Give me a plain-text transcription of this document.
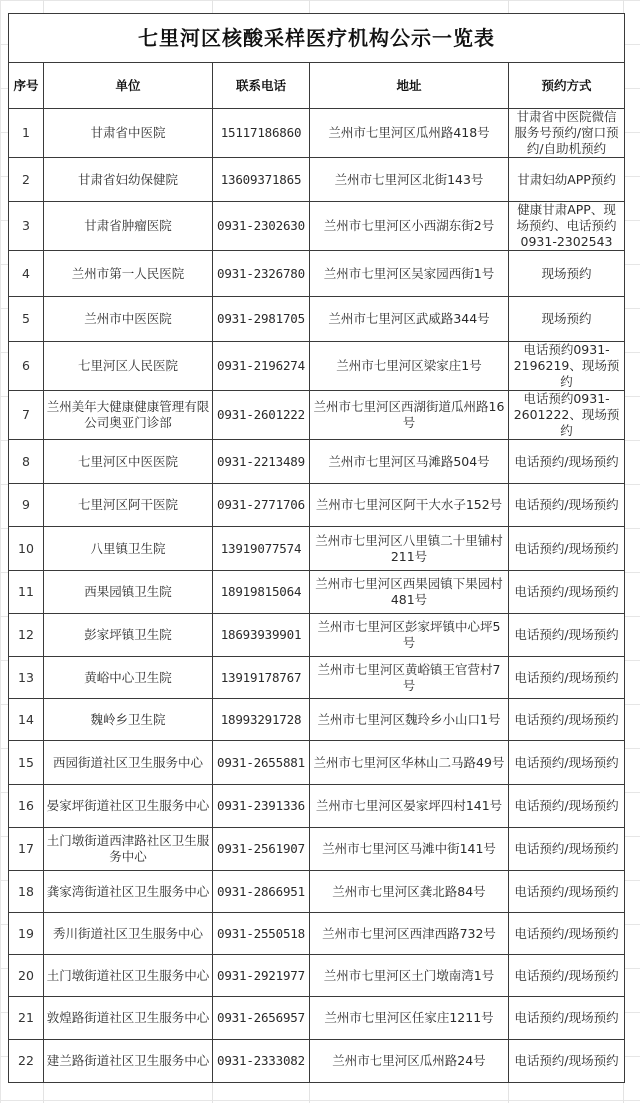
七里河区核酸采样医疗机构公示一览表				
序号	单位	联系电话	地址	预约方式
1	甘肃省中医院	15117186860	兰州市七里河区瓜州路418号	甘肃省中医院微信服务号预约/窗口预约/自助机预约
2	甘肃省妇幼保健院	13609371865	兰州市七里河区北街143号	甘肃妇幼APP预约
3	甘肃省肿瘤医院	0931-2302630	兰州市七里河区小西湖东街2号	健康甘肃APP、现场预约、电话预约0931-2302543
4	兰州市第一人民医院	0931-2326780	兰州市七里河区吴家园西街1号	现场预约
5	兰州市中医医院	0931-2981705	兰州市七里河区武威路344号	现场预约
6	七里河区人民医院	0931-2196274	兰州市七里河区梁家庄1号	电话预约0931-2196219、现场预约
7	兰州美年大健康健康管理有限公司奥亚门诊部	0931-2601222	兰州市七里河区西湖街道瓜州路16号	电话预约0931-2601222、现场预约
8	七里河区中医医院	0931-2213489	兰州市七里河区马滩路504号	电话预约/现场预约
9	七里河区阿干医院	0931-2771706	兰州市七里河区阿干大水子152号	电话预约/现场预约
10	八里镇卫生院	13919077574	兰州市七里河区八里镇二十里铺村211号	电话预约/现场预约
11	西果园镇卫生院	18919815064	兰州市七里河区西果园镇下果园村481号	电话预约/现场预约
12	彭家坪镇卫生院	18693939901	兰州市七里河区彭家坪镇中心坪5号	电话预约/现场预约
13	黄峪中心卫生院	13919178767	兰州市七里河区黄峪镇王官营村7号	电话预约/现场预约
14	魏岭乡卫生院	18993291728	兰州市七里河区魏玲乡小山口1号	电话预约/现场预约
15	西园街道社区卫生服务中心	0931-2655881	兰州市七里河区华林山二马路49号	电话预约/现场预约
16	晏家坪街道社区卫生服务中心	0931-2391336	兰州市七里河区晏家坪四村141号	电话预约/现场预约
17	土门墩街道西津路社区卫生服务中心	0931-2561907	兰州市七里河区马滩中街141号	电话预约/现场预约
18	龚家湾街道社区卫生服务中心	0931-2866951	兰州市七里河区龚北路84号	电话预约/现场预约
19	秀川街道社区卫生服务中心	0931-2550518	兰州市七里河区西津西路732号	电话预约/现场预约
20	土门墩街道社区卫生服务中心	0931-2921977	兰州市七里河区土门墩南湾1号	电话预约/现场预约
21	敦煌路街道社区卫生服务中心	0931-2656957	兰州市七里河区任家庄1211号	电话预约/现场预约
22	建兰路街道社区卫生服务中心	0931-2333082	兰州市七里河区瓜州路24号	电话预约/现场预约
